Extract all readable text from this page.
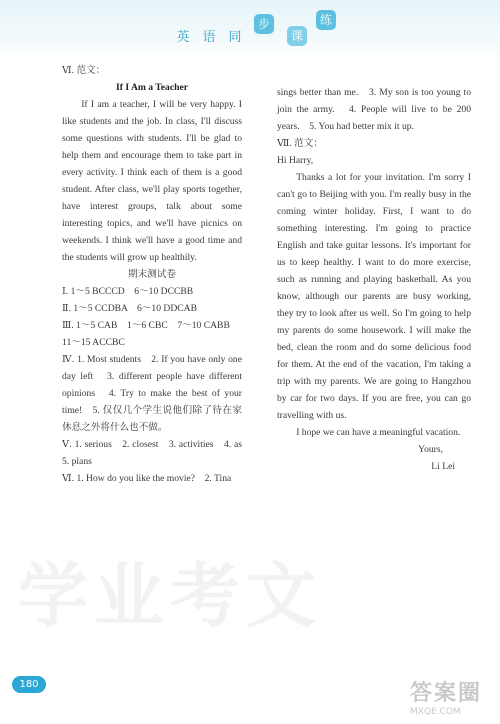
英 语 同
步
课
练

Ⅵ. 范文：

If I Am a Teacher

If I am a teacher, I will be very happy. I like students and the job. In class, I'll discuss some questions with students. I'll be glad to help them and encourage them to take part in every activity. I think each of them is a good student. After class, we'll play sports together, have interest groups, talk about some interesting topics, and we'll have picnics on weekends. I think we'll have a good time and the students will grow up healthily.

期末测试卷

Ⅰ. 1～5 BCCCD　6～10 DCCBB

Ⅱ. 1～5 CCDBA　6～10 DDCAB

Ⅲ. 1～5 CAB　1～6 CBC　7～10 CABB

11～15 ACCBC

Ⅳ. 1. Most students　2. If you have only one day left　3. different people have different opinions　4. Try to make the best of your time!　5. 仅仅几个学生说他们除了待在家休息之外将什么也不做。

Ⅴ. 1. serious　2. closest　3. activities　4. as　5. plans

Ⅵ. 1. How do you like the movie?　2. Tina

sings better than me.　3. My son is too young to join the army.　4. People will live to be 200 years.　5. You had better mix it up.

Ⅶ. 范文：

Hi Harry,

Thanks a lot for your invitation. I'm sorry I can't go to Beijing with you. I'm really busy in the coming winter holiday. First, I want to do something interesting. I'm going to practice English and take guitar lessons. It's important for us to keep healthy. I want to do more exercise, such as running and playing basketball. As you know, although our parents are busy working, they try to look after us well. So I'm going to help my parents do some housework. I will make the bed, clean the room and do some delicious food for them. At the end of the vacation, I'm taking a trip with my parents. We are going to Hangzhou by car for two days. If you are free, you can go travelling with us.

I hope we can have a meaningful vacation.

Yours,

Li Lei

学业考文
180	答案圈
MXQE.COM
